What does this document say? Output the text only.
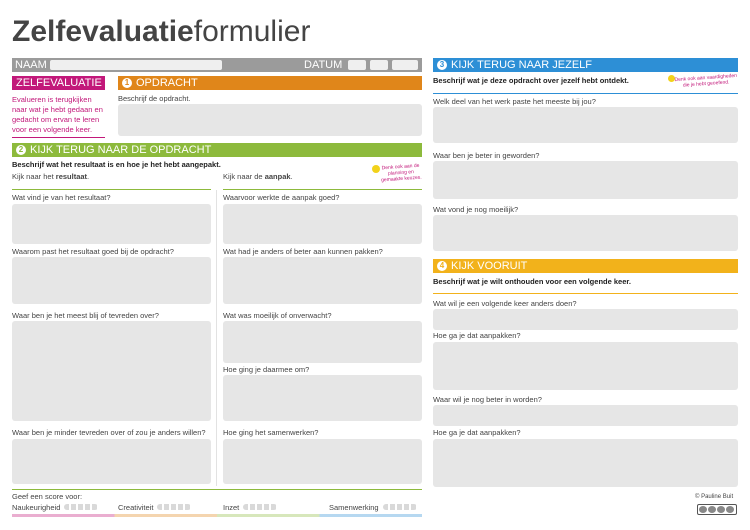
Zelfevaluatieformulier
NAAM	DATUM
ZELFEVALUATIE
Evalueren is terugkijken
naar wat je hebt gedaan en
gedacht om ervan te leren
voor een volgende keer.
1 OPDRACHT
Beschrijf de opdracht.
2 KIJK TERUG NAAR DE OPDRACHT
Beschrijf wat het resultaat is en hoe je het hebt aangepakt.
Kijk naar het resultaat.	Kijk naar de aanpak.
Denk ook aan de planning en gemaakte keuzes.
Wat vind je van het resultaat?
Waarom past het resultaat goed bij de opdracht?
Waar ben je het meest blij of tevreden over?
Waar ben je minder tevreden over of zou je anders willen?
Waarvoor werkte de aanpak goed?
Wat had je anders of beter aan kunnen pakken?
Wat was moeilijk of onverwacht?
Hoe ging je daarmee om?
Hoe ging het samenwerken?
Geef een score voor:
Naukeurigheid	Creativiteit	Inzet	Samenwerking
3 KIJK TERUG NAAR JEZELF
Beschrijf wat je deze opdracht over jezelf hebt ontdekt.	Denk ook aan vaardigheden die je hebt geoefend.
Welk deel van het werk paste het meeste bij jou?
Waar ben je beter in geworden?
Wat vond je nog moeilijk?
4 KIJK VOORUIT
Beschrijf wat je wilt onthouden voor een volgende keer.
Wat wil je een volgende keer anders doen?
Hoe ga je dat aanpakken?
Waar wil je nog beter in worden?
Hoe ga je dat aanpakken?
© Pauline Buit
